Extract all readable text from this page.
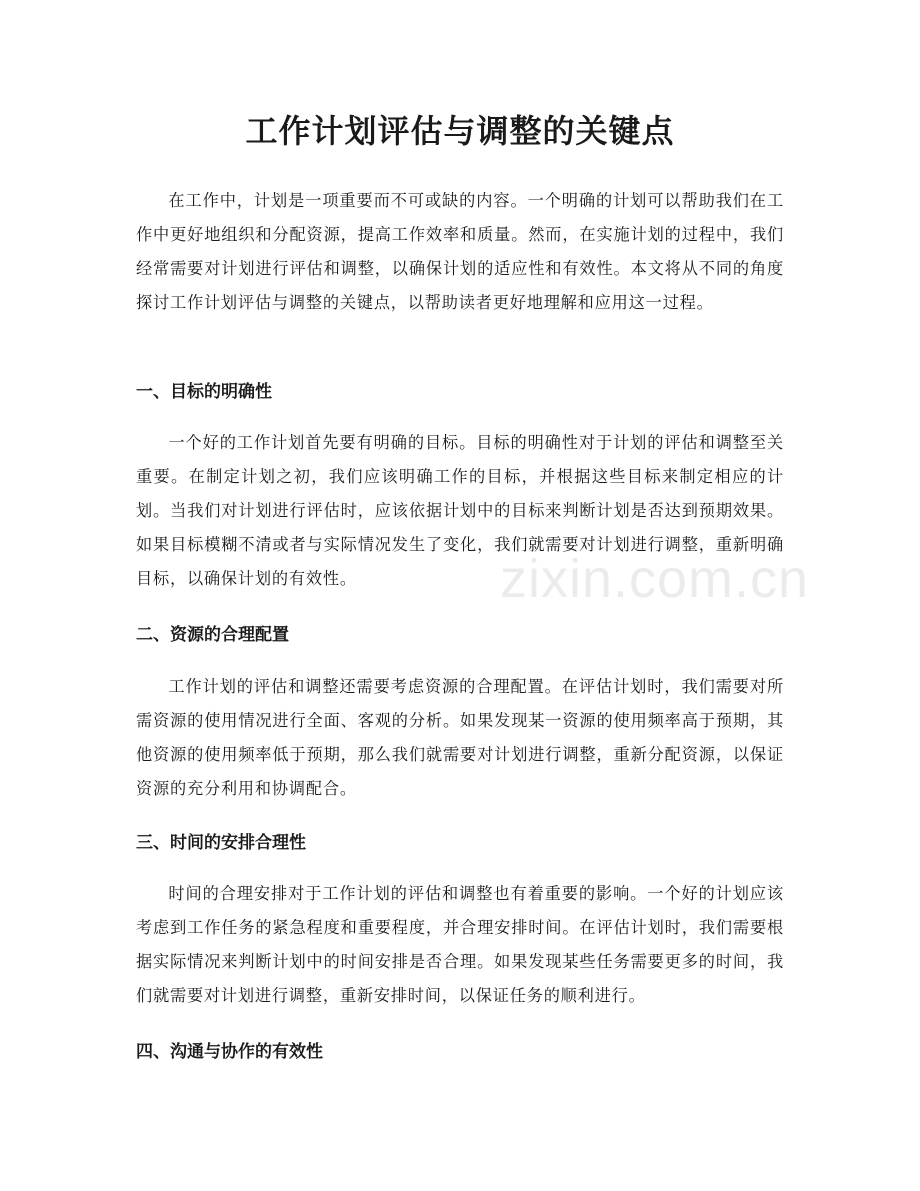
工作计划评估与调整的关键点

在工作中，计划是一项重要而不可或缺的内容。一个明确的计划可以帮助我们在工作中更好地组织和分配资源，提高工作效率和质量。然而，在实施计划的过程中，我们经常需要对计划进行评估和调整，以确保计划的适应性和有效性。本文将从不同的角度探讨工作计划评估与调整的关键点，以帮助读者更好地理解和应用这一过程。

一、目标的明确性

一个好的工作计划首先要有明确的目标。目标的明确性对于计划的评估和调整至关重要。在制定计划之初，我们应该明确工作的目标，并根据这些目标来制定相应的计划。当我们对计划进行评估时，应该依据计划中的目标来判断计划是否达到预期效果。如果目标模糊不清或者与实际情况发生了变化，我们就需要对计划进行调整，重新明确目标，以确保计划的有效性。

二、资源的合理配置

工作计划的评估和调整还需要考虑资源的合理配置。在评估计划时，我们需要对所需资源的使用情况进行全面、客观的分析。如果发现某一资源的使用频率高于预期，其他资源的使用频率低于预期，那么我们就需要对计划进行调整，重新分配资源，以保证资源的充分利用和协调配合。

三、时间的安排合理性

时间的合理安排对于工作计划的评估和调整也有着重要的影响。一个好的计划应该考虑到工作任务的紧急程度和重要程度，并合理安排时间。在评估计划时，我们需要根据实际情况来判断计划中的时间安排是否合理。如果发现某些任务需要更多的时间，我们就需要对计划进行调整，重新安排时间，以保证任务的顺利进行。

四、沟通与协作的有效性
zixin.com.cn
